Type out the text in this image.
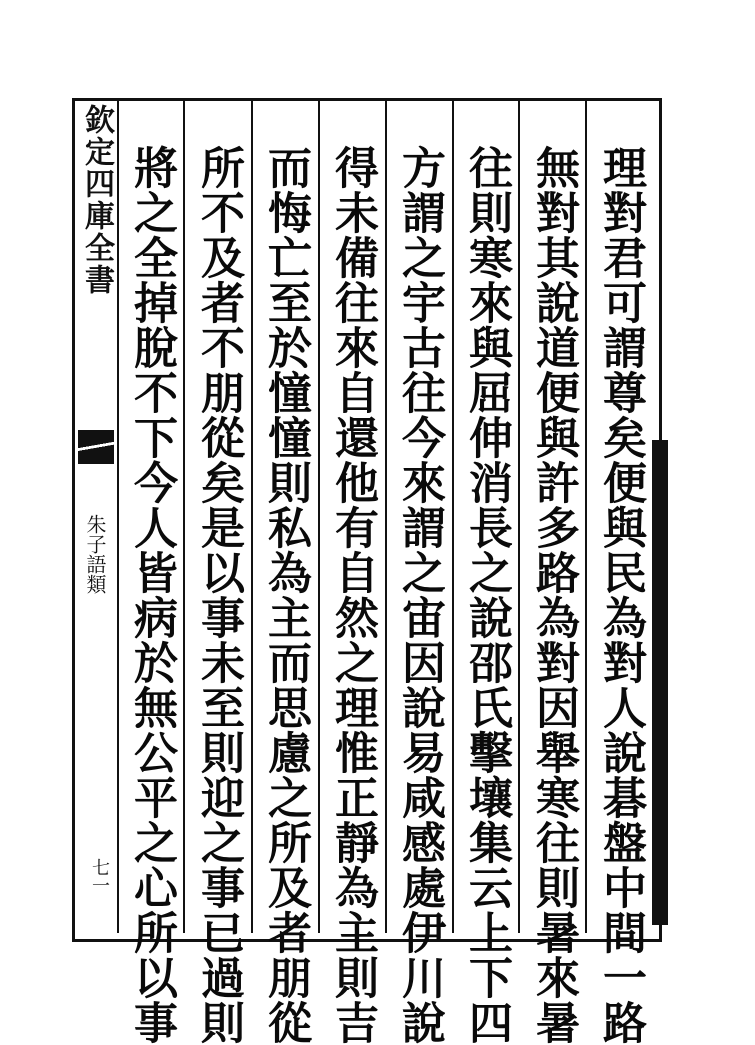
欽定四庫全書
朱子語類
七一	理對君可謂尊矣便與民為對人說碁盤中間一路
無對其說道便與許多路為對因舉寒往則暑來暑
往則寒來與屈伸消長之說邵氏擊壤集云上下四
方謂之宇古往今來謂之宙因說易咸感處伊川說
得未備往來自還他有自然之理惟正靜為主則吉
而悔亡至於憧憧則私為主而思慮之所及者朋從
所不及者不朋從矣是以事未至則迎之事已過則
將之全掉脫不下今人皆病於無公平之心所以事
